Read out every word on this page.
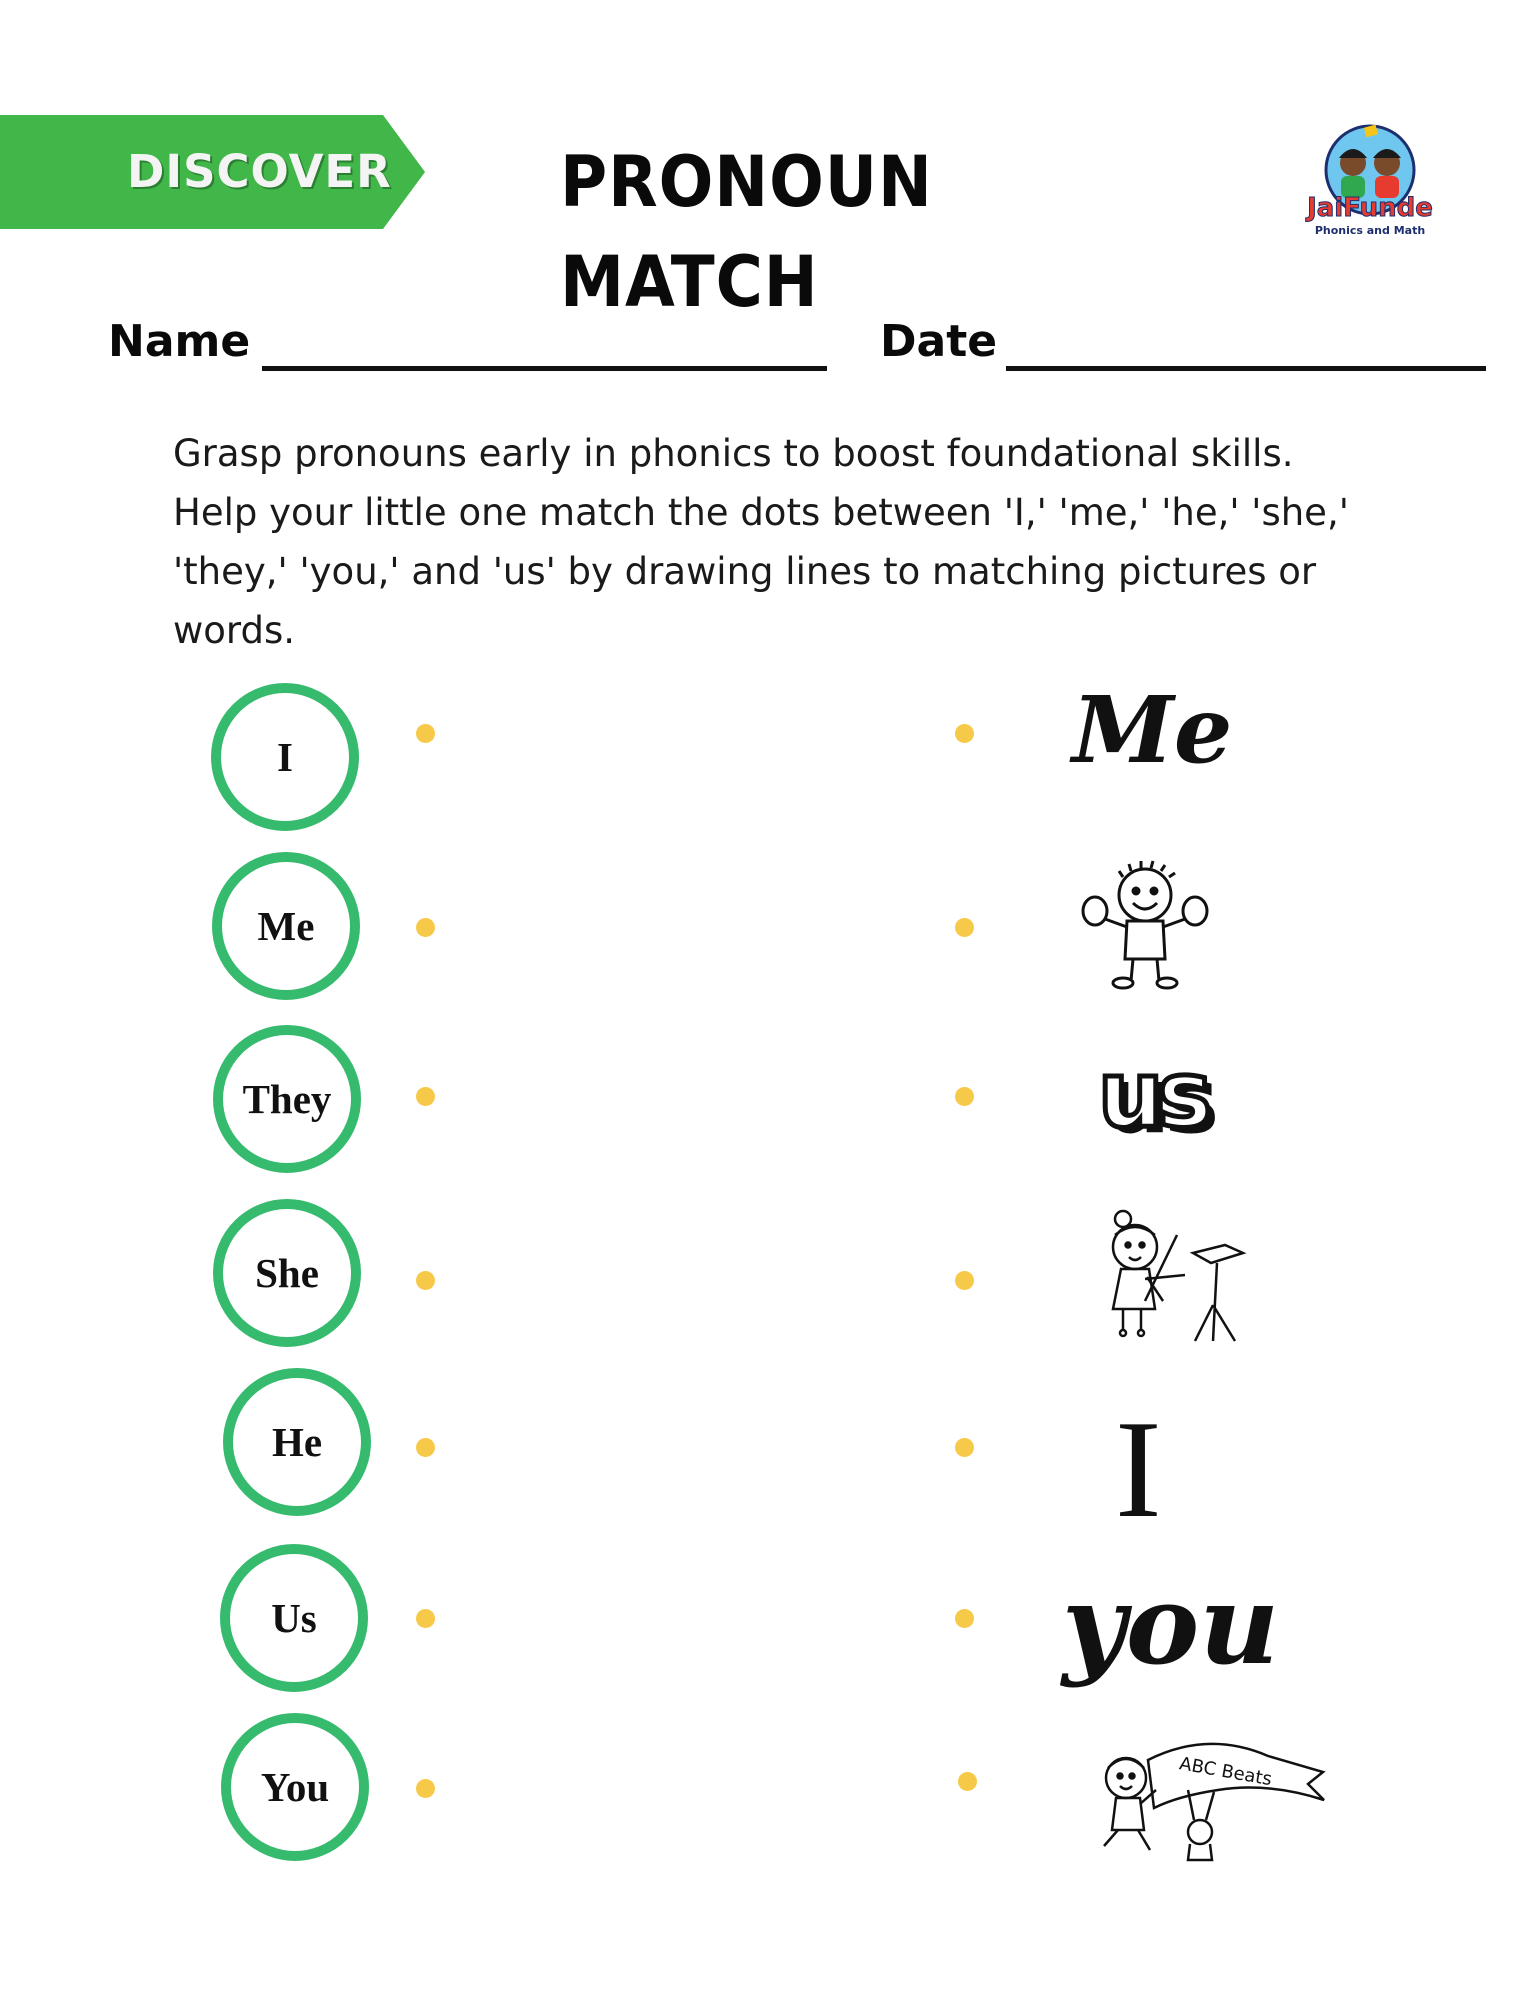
DISCOVER PRONOUN MATCH
JaiFunde
Phonics and Math
Name	Date

Grasp pronouns early in phonics to boost foundational skills. Help your little one match the dots between 'I,' 'me,' 'he,' 'she,' 'they,' 'you,' and 'us' by drawing lines to matching pictures or words.

I
Me
They
She
He
Us
You
Me
us
I
you
ABC Beats
